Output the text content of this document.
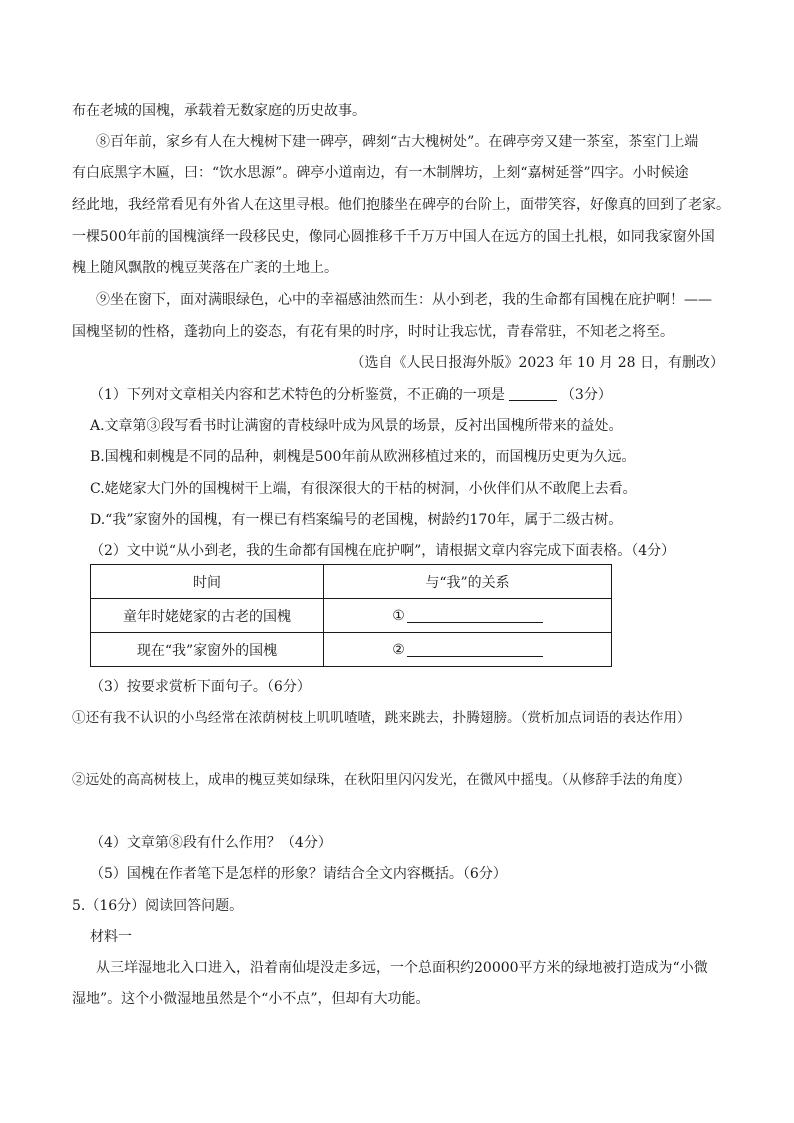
布在老城的国槐，承载着无数家庭的历史故事。
⑧百年前，家乡有人在大槐树下建一碑亭，碑刻“古大槐树处”。在碑亭旁又建一茶室，茶室门上端
有白底黑字木匾，曰：“饮水思源”。碑亭小道南边，有一木制牌坊，上刻“嘉树延誉”四字。小时候途
经此地，我经常看见有外省人在这里寻根。他们抱膝坐在碑亭的台阶上，面带笑容，好像真的回到了老家。
一棵500年前的国槐演绎一段移民史，像同心圆推移千千万万中国人在远方的国土扎根，如同我家窗外国
槐上随风飘散的槐豆荚落在广袤的土地上。
⑨坐在窗下，面对满眼绿色，心中的幸福感油然而生：从小到老，我的生命都有国槐在庇护啊！——
国槐坚韧的性格，蓬勃向上的姿态，有花有果的时序，时时让我忘忧，青春常驻，不知老之将至。
（选自《人民日报海外版》2023 年 10 月 28 日，有删改）
（1）下列对文章相关内容和艺术特色的分析鉴赏，不正确的一项是	（3分）
A.文章第③段写看书时让满窗的青枝绿叶成为风景的场景，反衬出国槐所带来的益处。
B.国槐和刺槐是不同的品种，刺槐是500年前从欧洲移植过来的，而国槐历史更为久远。
C.姥姥家大门外的国槐树干上端，有很深很大的干枯的树洞，小伙伴们从不敢爬上去看。
D.“我”家窗外的国槐，有一棵已有档案编号的老国槐，树龄约170年，属于二级古树。
（2）文中说“从小到老，我的生命都有国槐在庇护啊”，请根据文章内容完成下面表格。（4分）
时间	与“我”的关系
童年时姥姥家的古老的国槐	①
现在“我”家窗外的国槐	②
（3）按要求赏析下面句子。（6分）
①还有我不认识的小鸟经常在浓荫树枝上叽叽喳喳，跳来跳去，扑腾翅膀。（赏析加点词语的表达作用）
②远处的高高树枝上，成串的槐豆荚如绿珠，在秋阳里闪闪发光，在微风中摇曳。（从修辞手法的角度）
（4）文章第⑧段有什么作用？（4分）
（5）国槐在作者笔下是怎样的形象？请结合全文内容概括。（6分）
5.（16分）阅读回答问题。
材料一
从三垟湿地北入口进入，沿着南仙堤没走多远，一个总面积约20000平方米的绿地被打造成为“小微
湿地”。这个小微湿地虽然是个“小不点”，但却有大功能。
